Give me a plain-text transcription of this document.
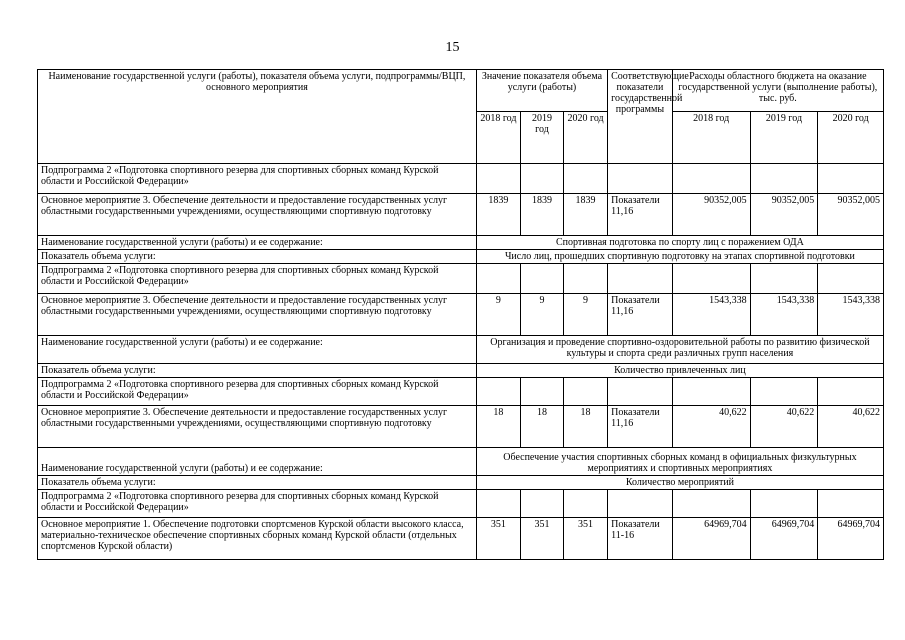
15
Наименование государственной услуги (работы), показателя объема услуги, подпрограммы/ВЦП, основного мероприятия	Значение показателя объема услуги (работы)			Соответствующие показатели государственной программы	Расходы областного бюджета на оказание государственной услуги (выполнение работы), тыс. руб.		
	2018 год	2019 год	2020 год		2018 год	2019 год	2020 год
Подпрограмма 2 «Подготовка спортивного резерва для спортивных сборных команд Курской области и Российской Федерации»							
Основное мероприятие 3. Обеспечение деятельности и предоставление государственных услуг областными государственными учреждениями, осуществляющими спортивную подготовку	1839	1839	1839	Показатели 11,16	90352,005	90352,005	90352,005
Наименование государственной услуги (работы) и ее содержание:	Спортивная подготовка по спорту лиц с поражением ОДА						
Показатель объема услуги:	Число лиц, прошедших спортивную подготовку на этапах спортивной подготовки						
Подпрограмма 2 «Подготовка спортивного резерва для спортивных сборных команд Курской области и Российской Федерации»							
Основное мероприятие 3. Обеспечение деятельности и предоставление государственных услуг областными государственными учреждениями, осуществляющими спортивную подготовку	9	9	9	Показатели 11,16	1543,338	1543,338	1543,338
Наименование государственной услуги (работы) и ее содержание:	Организация и проведение спортивно-оздоровительной работы по развитию физической культуры и спорта среди различных групп населения						
Показатель объема услуги:	Количество привлеченных лиц						
Подпрограмма 2 «Подготовка спортивного резерва для спортивных сборных команд Курской области и Российской Федерации»							
Основное мероприятие 3. Обеспечение деятельности и предоставление государственных услуг областными государственными учреждениями, осуществляющими спортивную подготовку	18	18	18	Показатели 11,16	40,622	40,622	40,622
Наименование государственной услуги (работы) и ее содержание:	Обеспечение участия спортивных сборных команд в официальных физкультурных мероприятиях и спортивных мероприятиях						
Показатель объема услуги:	Количество мероприятий						
Подпрограмма 2 «Подготовка спортивного резерва для спортивных сборных команд Курской области и Российской Федерации»							
Основное мероприятие 1. Обеспечение подготовки спортсменов Курской области высокого класса, материально-техническое обеспечение спортивных сборных команд Курской области (отдельных спортсменов Курской области)	351	351	351	Показатели 11-16	64969,704	64969,704	64969,704
